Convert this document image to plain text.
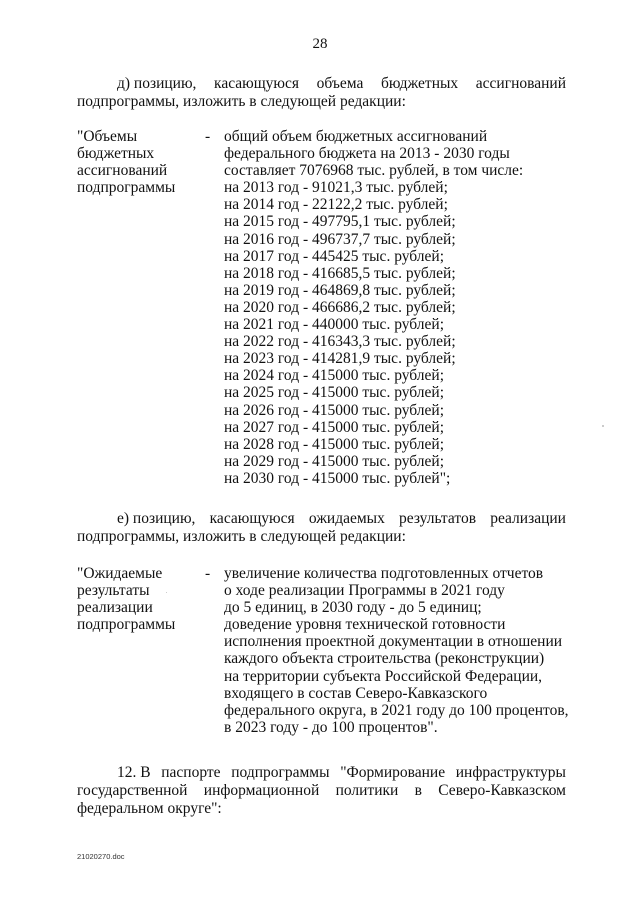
28
д) позицию, касающуюся объема бюджетных ассигнований
подпрограммы, изложить в следующей редакции:
"Объемы
бюджетных
ассигнований
подпрограммы
- общий объем бюджетных ассигнований
федерального бюджета на 2013 - 2030 годы
составляет 7076968 тыс. рублей, в том числе:
на 2013 год - 91021,3 тыс. рублей;
на 2014 год - 22122,2 тыс. рублей;
на 2015 год - 497795,1 тыс. рублей;
на 2016 год - 496737,7 тыс. рублей;
на 2017 год - 445425 тыс. рублей;
на 2018 год - 416685,5 тыс. рублей;
на 2019 год - 464869,8 тыс. рублей;
на 2020 год - 466686,2 тыс. рублей;
на 2021 год - 440000 тыс. рублей;
на 2022 год - 416343,3 тыс. рублей;
на 2023 год - 414281,9 тыс. рублей;
на 2024 год - 415000 тыс. рублей;
на 2025 год - 415000 тыс. рублей;
на 2026 год - 415000 тыс. рублей;
на 2027 год - 415000 тыс. рублей;
на 2028 год - 415000 тыс. рублей;
на 2029 год - 415000 тыс. рублей;
на 2030 год - 415000 тыс. рублей";
е) позицию, касающуюся ожидаемых результатов реализации
подпрограммы, изложить в следующей редакции:
"Ожидаемые
результаты
реализации
подпрограммы
- увеличение количества подготовленных отчетов
о ходе реализации Программы в 2021 году
до 5 единиц, в 2030 году - до 5 единиц;
доведение уровня технической готовности
исполнения проектной документации в отношении
каждого объекта строительства (реконструкции)
на территории субъекта Российской Федерации,
входящего в состав Северо-Кавказского
федерального округа, в 2021 году до 100 процентов,
в 2023 году - до 100 процентов".
12. В паспорте подпрограммы "Формирование инфраструктуры
государственной информационной политики в Северо-Кавказском
федеральном округе":
21020270.doc
